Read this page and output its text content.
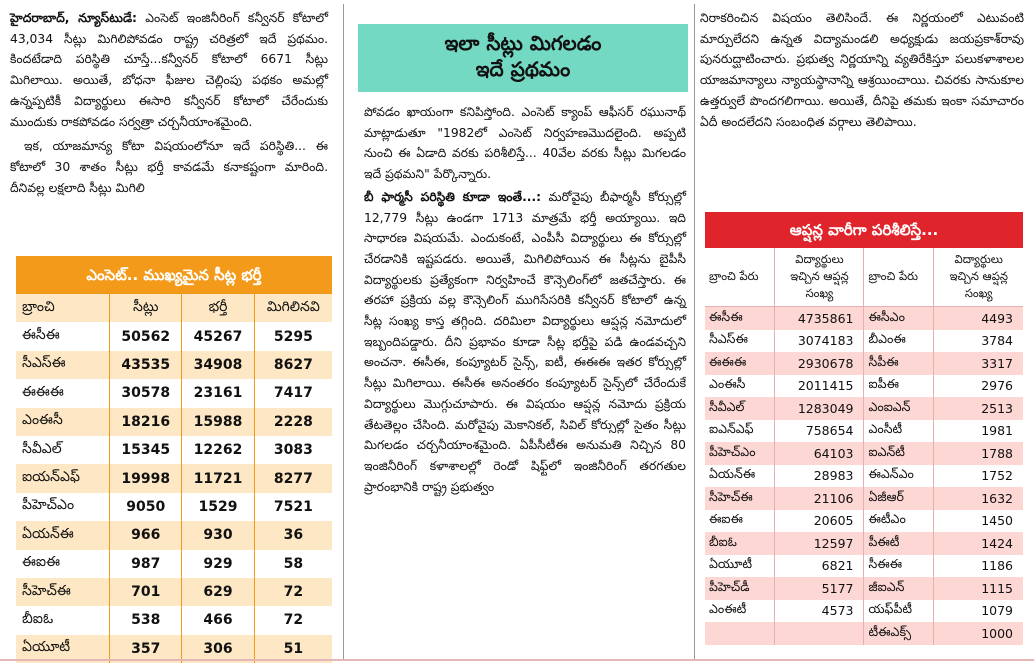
హైదరాబాద్, న్యూస్‌టుడే: ఎంసెట్ ఇంజినీరింగ్ కన్వీనర్ కోటాలో 43,034 సీట్లు మిగిలిపోవడం రాష్ట్ర చరిత్రలో ఇదే ప్రథమం. కిందటేడాది పరిస్థితి చూస్తే...కన్వీనర్ కోటాలో 6671 సీట్లు మిగిలాయి. అయితే, బోధనా ఫీజుల చెల్లింపు పథకం అమల్లో ఉన్నప్పటికీ విద్యార్థులు ఈసారి కన్వీనర్ కోటాలో చేరేందుకు ముందుకు రాకపోవడం సర్వత్రా చర్చనీయాంశమైంది.

ఇక, యాజమాన్య కోటా విషయంలోనూ ఇదే పరిస్థితి... ఈ కోటాలో 30 శాతం సీట్లు భర్తీ కావడమే కనాకష్టంగా మారింది. దీనివల్ల లక్షలాది సీట్లు మిగిలి

ఎంసెట్.. ముఖ్యమైన సీట్ల భర్తీ
బ్రాంచి	సీట్లు	భర్తీ	మిగిలినవి
ఈసీఈ	50562	45267	5295
సీఎస్ఈ	43535	34908	8627
ఈఈఈ	30578	23161	7417
ఎంఈసీ	18216	15988	2228
సీవీఎల్	15345	12262	3083
ఐయన్ఎఫ్	19998	11721	8277
పీహెచ్ఎం	9050	1529	7521
ఏయన్ఈ	966	930	36
ఈఐఈ	987	929	58
సీహెచ్ఈ	701	629	72
బీఐఓ	538	466	72
ఏయూటీ	357	306	51
ఇలా సీట్లు మిగలడం
ఇదే ప్రథమం

పోవడం ఖాయంగా కనిపిస్తోంది. ఎంసెట్ క్యాంప్ ఆఫీసర్ రఘునాథ్ మాట్లాడుతూ "1982లో ఎంసెట్ నిర్వహణమొదలైంది. అప్పటి నుంచి ఈ ఏడాది వరకు పరిశీలిస్తే... 40వేల వరకు సీట్లు మిగలడం ఇదే ప్రథమని" పేర్కొన్నారు.

బీ ఫార్మసీ పరిస్థితి కూడా ఇంతే...: మరోవైపు బీఫార్మసీ కోర్సుల్లో 12,779 సీట్లు ఉండగా 1713 మాత్రమే భర్తీ అయ్యాయి. ఇది సాధారణ విషయమే. ఎందుకంటే, ఎంపీసీ విద్యార్థులు ఈ కోర్సుల్లో చేరడానికి ఇష్టపడరు. అయితే, మిగిలిపోయిన ఈ సీట్లను బైపీసీ విద్యార్థులకు ప్రత్యేకంగా నిర్వహించే కౌన్సెలింగ్‌లో జతచేస్తారు. ఈ తరహా ప్రక్రియ వల్ల కౌన్సెలింగ్ ముగిసేసరికి కన్వీనర్ కోటాలో ఉన్న సీట్ల సంఖ్య కాస్త తగ్గింది. దరిమిలా విద్యార్థులు ఆప్షన్ల నమోదులో ఇబ్బందిపడ్డారు. దీని ప్రభావం కూడా సీట్ల భర్తీపై పడి ఉండవచ్చని అంచనా. ఈసీఈ, కంప్యూటర్ సైన్స్, ఐటీ, ఈఈఈ ఇతర కోర్సుల్లో సీట్లు మిగిలాయి. ఈసీఈ అనంతరం కంప్యూటర్ సైన్స్‌లో చేరేందుకే విద్యార్థులు మొగ్గుచూపారు. ఈ విషయం ఆప్షన్ల నమోదు ప్రక్రియ తేటతెల్లం చేసింది. మరోవైపు మెకానికల్, సివిల్ కోర్సుల్లో సైతం సీట్లు మిగలడం చర్చనీయాంశమైంది. ఏపీసీటీఈ అనుమతి నిచ్చిన 80 ఇంజినీరింగ్ కళాశాలల్లో రెండో షిఫ్ట్‌లో ఇంజినీరింగ్ తరగతుల ప్రారంభానికి రాష్ట్ర ప్రభుత్వం

నిరాకరించిన విషయం తెలిసిందే. ఈ నిర్ణయంలో ఎటువంటి మార్పులేదని ఉన్నత విద్యామండలి అధ్యక్షుడు జయప్రకాశ్‌రావు పునరుద్ఘాటించారు. ప్రభుత్వ నిర్ణయాన్ని వ్యతిరేకిస్తూ పలుకళాశాలల యాజమాన్యాలు న్యాయస్థానాన్ని ఆశ్రయించాయి. చివరకు సానుకూల ఉత్తర్వులే పొందగలిగాయి. అయితే, దీనిపై తమకు ఇంకా సమాచారం ఏదీ అందలేదని సంబంధిత వర్గాలు తెలిపాయి.

ఆప్షన్ల వారీగా పరిశీలిస్తే...
బ్రాంచి పేరు	విద్యార్థులు ఇచ్చిన ఆప్షన్ల సంఖ్య	బ్రాంచి పేరు	విద్యార్థులు ఇచ్చిన ఆప్షన్ల సంఖ్య
ఈసీఈ	4735861	ఈసీఎం	4493
సీఎస్ఈ	3074183	బీఎంఈ	3784
ఈఈఈ	2930678	సీపీఈ	3317
ఎంఈసీ	2011415	ఐపీఈ	2976
సీవీఎల్	1283049	ఎంఐఎన్	2513
ఐఎన్ఎఫ్	758654	ఎంసీటీ	1981
పీహెచ్ఎం	64103	ఐఎన్‌టీ	1788
ఏయన్ఈ	28983	ఈఎన్ఎం	1752
సీహెచ్ఈ	21106	ఏజీఆర్	1632
ఈఐఈ	20605	ఈటీఎం	1450
బీఐఓ	12597	పీఈటీ	1424
ఏయూటీ	6821	సీఈఈ	1186
పీహెచ్‌డీ	5177	జీఐఎన్	1115
ఎంఈటీ	4573	యఫ్‌పీటీ	1079
		టీఈఎక్స్	1000
